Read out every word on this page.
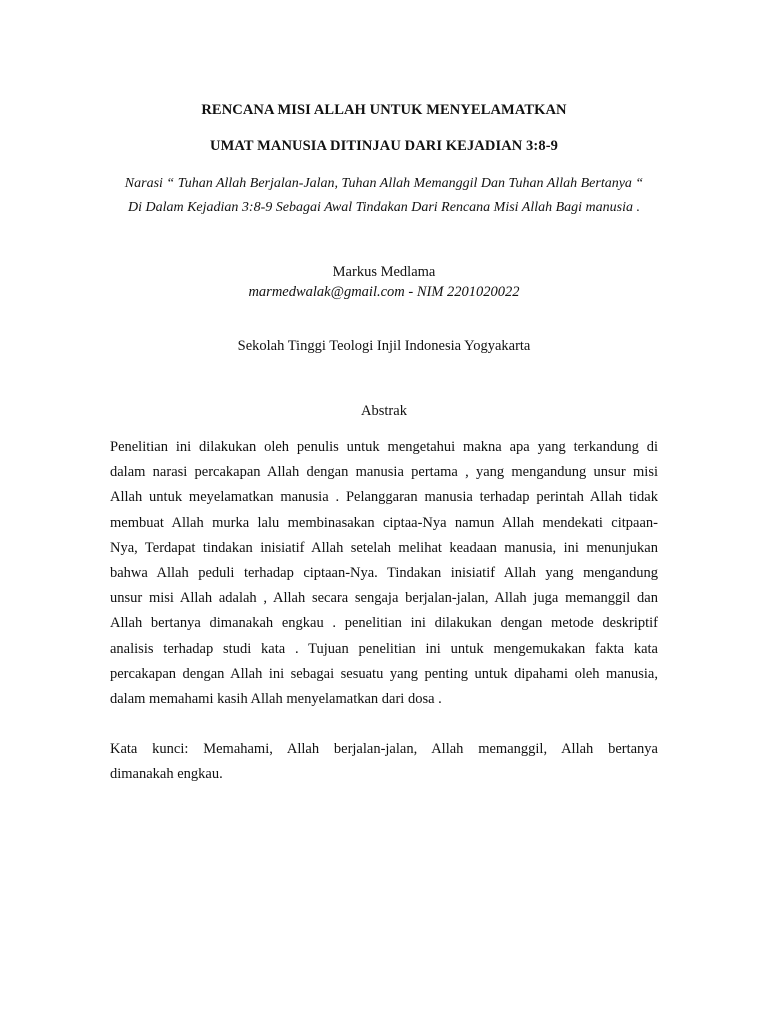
RENCANA MISI ALLAH UNTUK MENYELAMATKAN
UMAT MANUSIA DITINJAU DARI KEJADIAN 3:8-9
Narasi “ Tuhan Allah Berjalan-Jalan, Tuhan Allah Memanggil Dan Tuhan Allah Bertanya “
Di Dalam Kejadian 3:8-9 Sebagai Awal Tindakan Dari Rencana Misi Allah Bagi manusia .
Markus Medlama
marmedwalak@gmail.com - NIM 2201020022
Sekolah Tinggi Teologi Injil Indonesia Yogyakarta
Abstrak
Penelitian ini dilakukan oleh penulis untuk mengetahui makna apa yang terkandung di
dalam narasi percakapan Allah dengan manusia pertama , yang mengandung unsur misi
Allah untuk meyelamatkan manusia . Pelanggaran manusia terhadap perintah Allah tidak
membuat Allah murka lalu membinasakan ciptaa-Nya namun Allah mendekati citpaan-
Nya, Terdapat tindakan inisiatif Allah setelah melihat keadaan manusia, ini menunjukan
bahwa Allah peduli terhadap ciptaan-Nya. Tindakan inisiatif Allah yang mengandung
unsur misi Allah adalah , Allah secara sengaja berjalan-jalan, Allah juga memanggil dan
Allah bertanya dimanakah engkau . penelitian ini dilakukan dengan metode deskriptif
analisis terhadap studi kata . Tujuan penelitian ini untuk mengemukakan fakta kata
percakapan dengan Allah ini sebagai sesuatu yang penting untuk dipahami oleh manusia,
dalam memahami kasih Allah menyelamatkan dari dosa .
Kata kunci: Memahami, Allah berjalan-jalan, Allah memanggil, Allah bertanya
dimanakah engkau.
